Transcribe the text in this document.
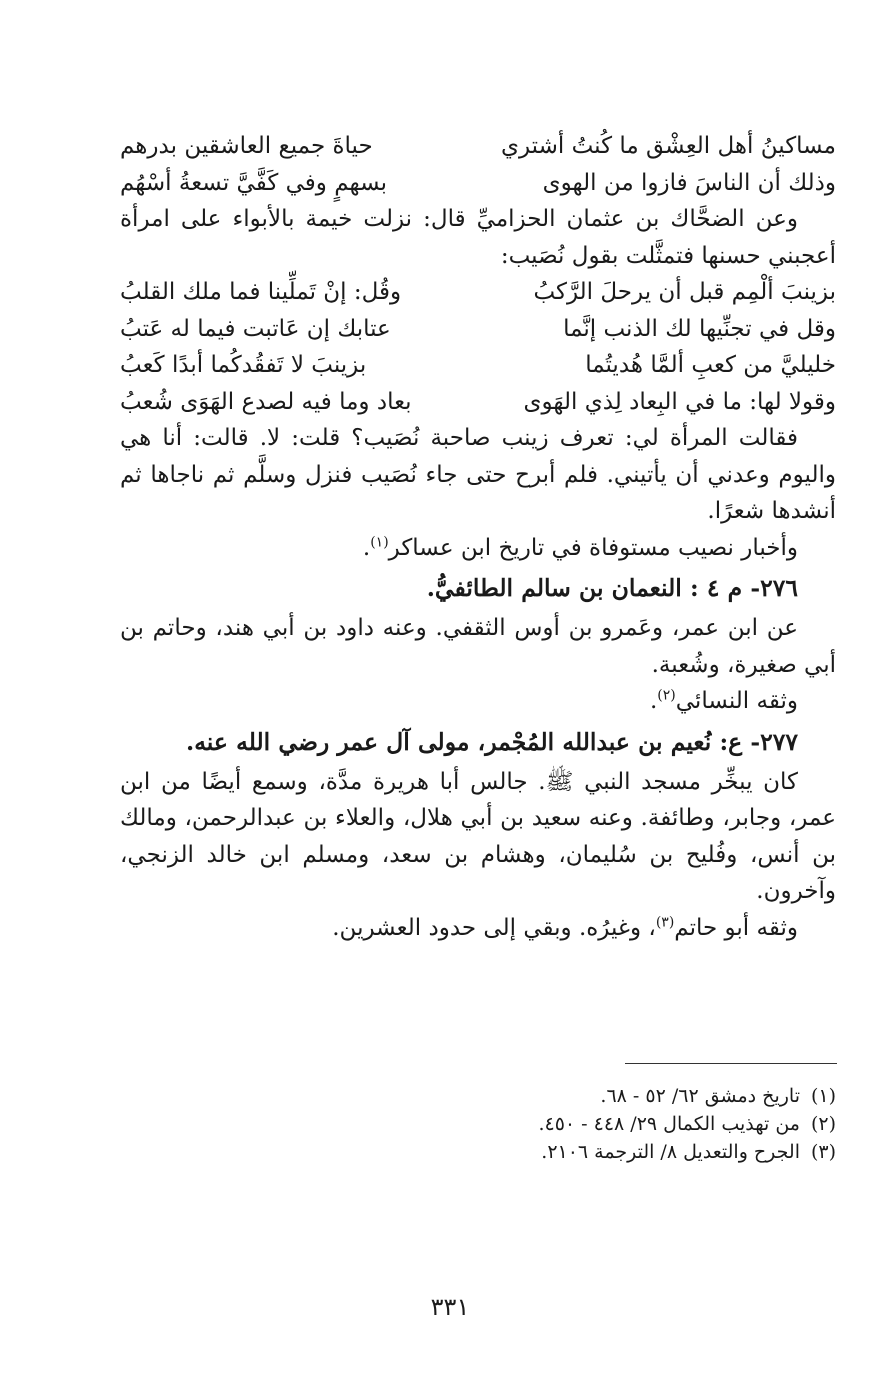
مساكينُ أهل العِشْق ما كُنتُ أشتري
حياةَ جميع العاشقين بدرهم
وذلك أن الناسَ فازوا من الهوى
بسهمٍ وفي كَفَّيَّ تسعةُ أسْهُم
وعن الضحَّاك بن عثمان الحزاميِّ قال: نزلت خيمة بالأبواء على امرأة أعجبني حسنها فتمثَّلت بقول نُصَيب:
بزينبَ ألْمِم قبل أن يرحلَ الرَّكبُ
وقُل: إنْ تَملِّينا فما ملك القلبُ
وقل في تجنِّيها لك الذنب إنَّما
عتابك إن عَاتبت فيما له عَتبُ
خليليَّ من كعبِ ألمَّا هُديتُما
بزينبَ لا تَفقُدكُما أبدًا كَعبُ
وقولا لها: ما في البِعاد لِذي الهَوى
بعاد وما فيه لصدع الهَوَى شُعبُ
فقالت المرأة لي: تعرف زينب صاحبة نُصَيب؟ قلت: لا. قالت: أنا هي واليوم وعدني أن يأتيني. فلم أبرح حتى جاء نُصَيب فنزل وسلَّم ثم ناجاها ثم أنشدها شعرًا.
وأخبار نصيب مستوفاة في تاريخ ابن عساكر$^{(١)}$.
٢٧٦- م ٤ : النعمان بن سالم الطائفيُّ.
عن ابن عمر، وعَمرو بن أوس الثقفي. وعنه داود بن أبي هند، وحاتم بن أبي صغيرة، وشُعبة.
وثقه النسائي$^{(٢)}$.
٢٧٧- ع: نُعيم بن عبدالله المُجْمر، مولى آل عمر رضي الله عنه.
كان يبخِّر مسجد النبي ﷺ. جالس أبا هريرة مدَّة، وسمع أيضًا من ابن عمر، وجابر، وطائفة. وعنه سعيد بن أبي هلال، والعلاء بن عبدالرحمن، ومالك بن أنس، وفُليح بن سُليمان، وهشام بن سعد، ومسلم ابن خالد الزنجي، وآخرون.
وثقه أبو حاتم$^{(٣)}$، وغيرُه. وبقي إلى حدود العشرين.
(١)تاريخ دمشق ٦٢/ ٥٢ - ٦٨.
(٢)من تهذيب الكمال ٢٩/ ٤٤٨ - ٤٥٠.
(٣)الجرح والتعديل ٨/ الترجمة ٢١٠٦.
٣٣١
